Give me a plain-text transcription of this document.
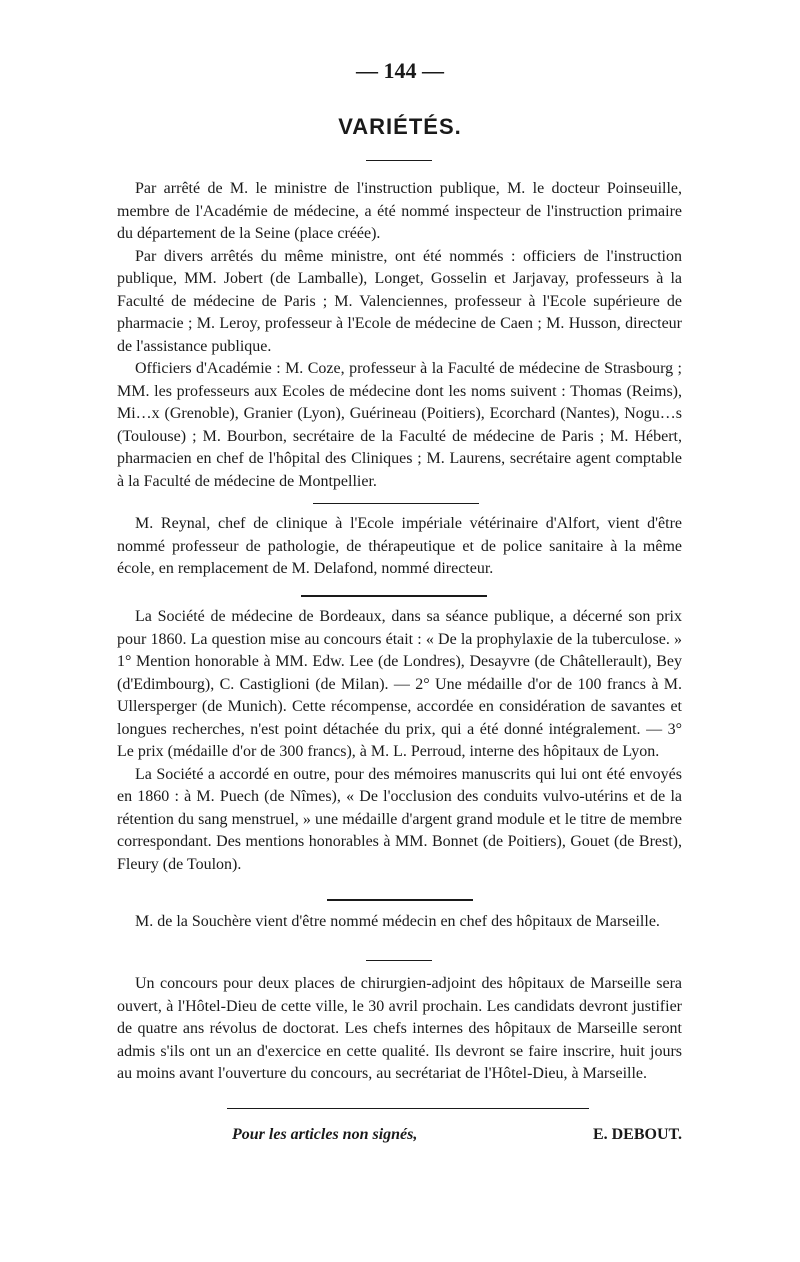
— 144 —
VARIÉTÉS.

Par arrêté de M. le ministre de l'instruction publique, M. le docteur Poinseuille, membre de l'Académie de médecine, a été nommé inspecteur de l'instruction primaire du département de la Seine (place créée).

Par divers arrêtés du même ministre, ont été nommés : officiers de l'instruction publique, MM. Jobert (de Lamballe), Longet, Gosselin et Jarjavay, professeurs à la Faculté de médecine de Paris ; M. Valenciennes, professeur à l'Ecole supérieure de pharmacie ; M. Leroy, professeur à l'Ecole de médecine de Caen ; M. Husson, directeur de l'assistance publique.

Officiers d'Académie : M. Coze, professeur à la Faculté de médecine de Strasbourg ; MM. les professeurs aux Ecoles de médecine dont les noms suivent : Thomas (Reims), Mi…x (Grenoble), Granier (Lyon), Guérineau (Poitiers), Ecorchard (Nantes), Nogu…s (Toulouse) ; M. Bourbon, secrétaire de la Faculté de médecine de Paris ; M. Hébert, pharmacien en chef de l'hôpital des Cliniques ; M. Laurens, secrétaire agent comptable à la Faculté de médecine de Montpellier.

M. Reynal, chef de clinique à l'Ecole impériale vétérinaire d'Alfort, vient d'être nommé professeur de pathologie, de thérapeutique et de police sanitaire à la même école, en remplacement de M. Delafond, nommé directeur.

La Société de médecine de Bordeaux, dans sa séance publique, a décerné son prix pour 1860. La question mise au concours était : « De la prophylaxie de la tuberculose. » 1° Mention honorable à MM. Edw. Lee (de Londres), Desayvre (de Châtellerault), Bey (d'Edimbourg), C. Castiglioni (de Milan). — 2° Une médaille d'or de 100 francs à M. Ullersperger (de Munich). Cette récompense, accordée en considération de savantes et longues recherches, n'est point détachée du prix, qui a été donné intégralement. — 3° Le prix (médaille d'or de 300 francs), à M. L. Perroud, interne des hôpitaux de Lyon.

La Société a accordé en outre, pour des mémoires manuscrits qui lui ont été envoyés en 1860 : à M. Puech (de Nîmes), « De l'occlusion des conduits vulvo-utérins et de la rétention du sang menstruel, » une médaille d'argent grand module et le titre de membre correspondant. Des mentions honorables à MM. Bonnet (de Poitiers), Gouet (de Brest), Fleury (de Toulon).

M. de la Souchère vient d'être nommé médecin en chef des hôpitaux de Marseille.

Un concours pour deux places de chirurgien-adjoint des hôpitaux de Marseille sera ouvert, à l'Hôtel-Dieu de cette ville, le 30 avril prochain. Les candidats devront justifier de quatre ans révolus de doctorat. Les chefs internes des hôpitaux de Marseille seront admis s'ils ont un an d'exercice en cette qualité. Ils devront se faire inscrire, huit jours au moins avant l'ouverture du concours, au secrétariat de l'Hôtel-Dieu, à Marseille.

Pour les articles non signés,	E. DEBOUT.
